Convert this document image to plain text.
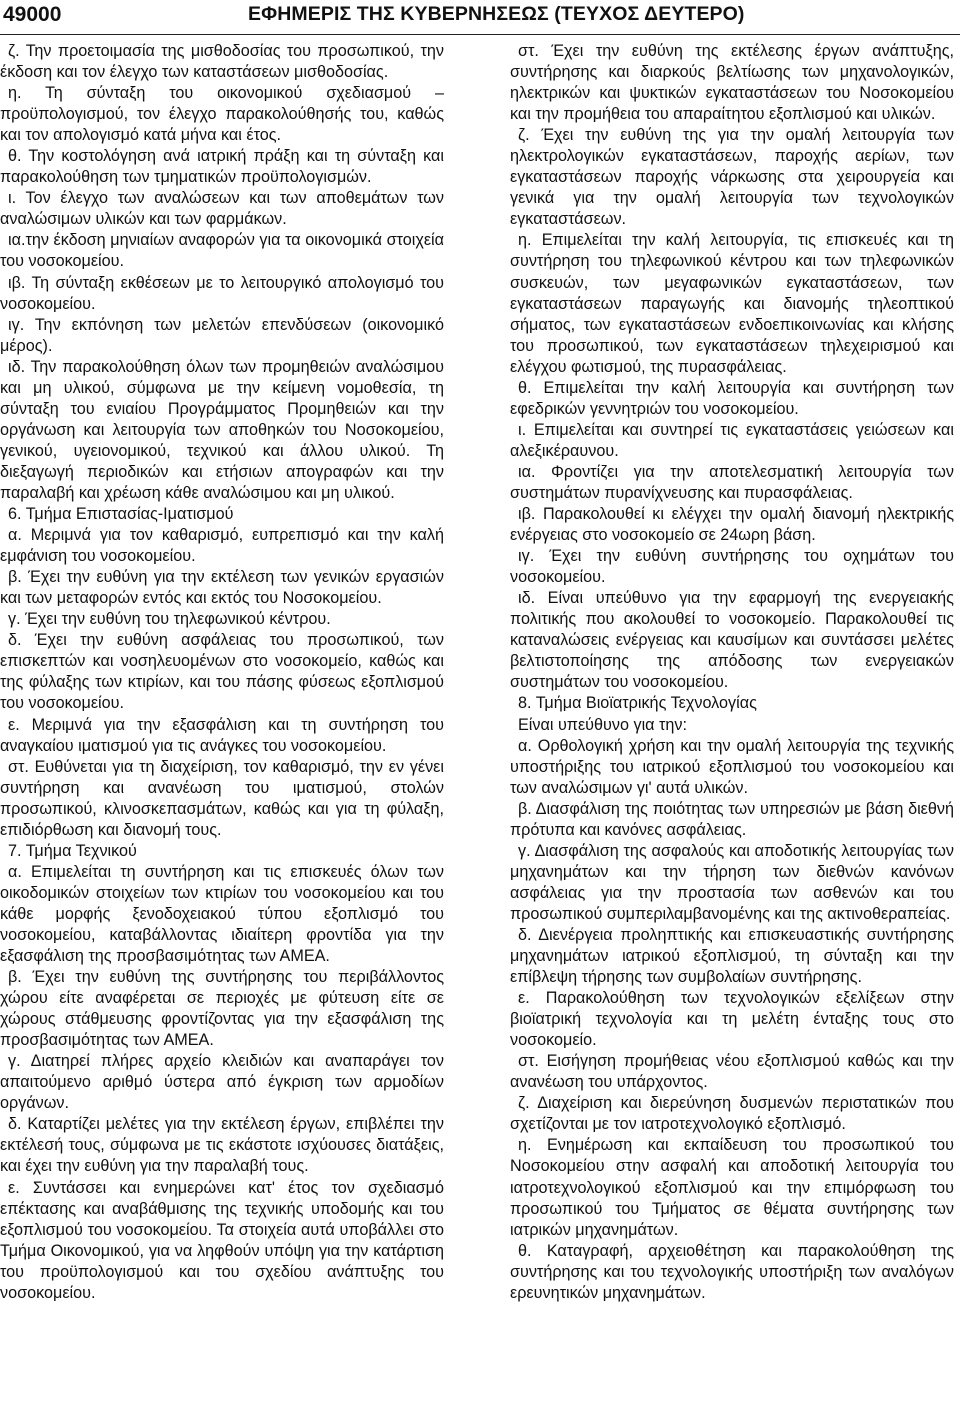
49000	ΕΦΗΜΕΡΙΣ ΤΗΣ ΚΥΒΕΡΝΗΣΕΩΣ (ΤΕΥΧΟΣ ΔΕΥΤΕΡΟ)

ζ. Την προετοιμασία της μισθοδοσίας του προσωπικού, την έκδοση και τον έλεγχο των καταστάσεων μισθοδοσίας.

η. Τη σύνταξη του οικονομικού σχεδιασμού – προϋπολογισμού, τον έλεγχο παρακολούθησής του, καθώς και τον απολογισμό κατά μήνα και έτος.

θ. Την κοστολόγηση ανά ιατρική πράξη και τη σύνταξη και παρακολούθηση των τμηματικών προϋπολογισμών.

ι. Τον έλεγχο των αναλώσεων και των αποθεμάτων των αναλώσιμων υλικών και των φαρμάκων.

ια.την έκδοση μηνιαίων αναφορών για τα οικονομικά στοιχεία του νοσοκομείου.

ιβ. Τη σύνταξη εκθέσεων με το λειτουργικό απολογισμό του νοσοκομείου.

ιγ. Την εκπόνηση των μελετών επενδύσεων (οικονομικό μέρος).

ιδ. Την παρακολούθηση όλων των προμηθειών αναλώσιμου και μη υλικού, σύμφωνα με την κείμενη νομοθεσία, τη σύνταξη του ενιαίου Προγράμματος Προμηθειών και την οργάνωση και λειτουργία των αποθηκών του Νοσοκομείου, γενικού, υγειονομικού, τεχνικού και άλλου υλικού. Τη διεξαγωγή περιοδικών και ετήσιων απογραφών και την παραλαβή και χρέωση κάθε αναλώσιμου και μη υλικού.

6. Τμήμα Επιστασίας-Ιματισμού

α. Μεριμνά για τον καθαρισμό, ευπρεπισμό και την καλή εμφάνιση του νοσοκομείου.

β. Έχει την ευθύνη για την εκτέλεση των γενικών εργασιών και των μεταφορών εντός και εκτός του Νοσοκομείου.

γ. Έχει την ευθύνη του τηλεφωνικού κέντρου.

δ. Έχει την ευθύνη ασφάλειας του προσωπικού, των επισκεπτών και νοσηλευομένων στο νοσοκομείο, καθώς και της φύλαξης των κτιρίων, και του πάσης φύσεως εξοπλισμού του νοσοκομείου.

ε. Μεριμνά για την εξασφάλιση και τη συντήρηση του αναγκαίου ιματισμού για τις ανάγκες του νοσοκομείου.

στ. Ευθύνεται για τη διαχείριση, τον καθαρισμό, την εν γένει συντήρηση και ανανέωση του ιματισμού, στολών προσωπικού, κλινοσκεπασμάτων, καθώς και για τη φύλαξη, επιδιόρθωση και διανομή τους.

7. Τμήμα Τεχνικού

α. Επιμελείται τη συντήρηση και τις επισκευές όλων των οικοδομικών στοιχείων των κτιρίων του νοσοκομείου και του κάθε μορφής ξενοδοχειακού τύπου εξοπλισμό του νοσοκομείου, καταβάλλοντας ιδιαίτερη φροντίδα για την εξασφάλιση της προσβασιμότητας των ΑΜΕΑ.

β. Έχει την ευθύνη της συντήρησης του περιβάλλοντος χώρου είτε αναφέρεται σε περιοχές με φύτευση είτε σε χώρους στάθμευσης φροντίζοντας για την εξασφάλιση της προσβασιμότητας των ΑΜΕΑ.

γ. Διατηρεί πλήρες αρχείο κλειδιών και αναπαράγει τον απαιτούμενο αριθμό ύστερα από έγκριση των αρμοδίων οργάνων.

δ. Καταρτίζει μελέτες για την εκτέλεση έργων, επιβλέπει την εκτέλεσή τους, σύμφωνα με τις εκάστοτε ισχύουσες διατάξεις, και έχει την ευθύνη για την παραλαβή τους.

ε. Συντάσσει και ενημερώνει κατ' έτος τον σχεδιασμό επέκτασης και αναβάθμισης της τεχνικής υποδομής και του εξοπλισμού του νοσοκομείου. Τα στοιχεία αυτά υποβάλλει στο Τμήμα Οικονομικού, για να ληφθούν υπόψη για την κατάρτιση του προϋπολογισμού και του σχεδίου ανάπτυξης του νοσοκομείου.

στ. Έχει την ευθύνη της εκτέλεσης έργων ανάπτυξης, συντήρησης και διαρκούς βελτίωσης των μηχανολογικών, ηλεκτρικών και ψυκτικών εγκαταστάσεων του Νοσοκομείου και την προμήθεια του απαραίτητου εξοπλισμού και υλικών.

ζ. Έχει την ευθύνη της για την ομαλή λειτουργία των ηλεκτρολογικών εγκαταστάσεων, παροχής αερίων, των εγκαταστάσεων παροχής νάρκωσης στα χειρουργεία και γενικά για την ομαλή λειτουργία των τεχνολογικών εγκαταστάσεων.

η. Επιμελείται την καλή λειτουργία, τις επισκευές και τη συντήρηση του τηλεφωνικού κέντρου και των τηλεφωνικών συσκευών, των μεγαφωνικών εγκαταστάσεων, των εγκαταστάσεων παραγωγής και διανομής τηλεοπτικού σήματος, των εγκαταστάσεων ενδοεπικοινωνίας και κλήσης του προσωπικού, των εγκαταστάσεων τηλεχειρισμού και ελέγχου φωτισμού, της πυρασφάλειας.

θ. Επιμελείται την καλή λειτουργία και συντήρηση των εφεδρικών γεννητριών του νοσοκομείου.

ι. Επιμελείται και συντηρεί τις εγκαταστάσεις γειώσεων και αλεξικέραυνου.

ια. Φροντίζει για την αποτελεσματική λειτουργία των συστημάτων πυρανίχνευσης και πυρασφάλειας.

ιβ. Παρακολουθεί κι ελέγχει την ομαλή διανομή ηλεκτρικής ενέργειας στο νοσοκομείο σε 24ωρη βάση.

ιγ. Έχει την ευθύνη συντήρησης του οχημάτων του νοσοκομείου.

ιδ. Είναι υπεύθυνο για την εφαρμογή της ενεργειακής πολιτικής που ακολουθεί το νοσοκομείο. Παρακολουθεί τις καταναλώσεις ενέργειας και καυσίμων και συντάσσει μελέτες βελτιστοποίησης της απόδοσης των ενεργειακών συστημάτων του νοσοκομείου.

8. Τμήμα Βιοϊατρικής Τεχνολογίας

Είναι υπεύθυνο για την:

α. Ορθολογική χρήση και την ομαλή λειτουργία της τεχνικής υποστήριξης του ιατρικού εξοπλισμού του νοσοκομείου και των αναλώσιμων γι' αυτά υλικών.

β. Διασφάλιση της ποιότητας των υπηρεσιών με βάση διεθνή πρότυπα και κανόνες ασφάλειας.

γ. Διασφάλιση της ασφαλούς και αποδοτικής λειτουργίας των μηχανημάτων και την τήρηση των διεθνών κανόνων ασφάλειας για την προστασία των ασθενών και του προσωπικού συμπεριλαμβανομένης και της ακτινοθεραπείας.

δ. Διενέργεια προληπτικής και επισκευαστικής συντήρησης μηχανημάτων ιατρικού εξοπλισμού, τη σύνταξη και την επίβλεψη τήρησης των συμβολαίων συντήρησης.

ε. Παρακολούθηση των τεχνολογικών εξελίξεων στην βιοϊατρική τεχνολογία και τη μελέτη ένταξης τους στο νοσοκομείο.

στ. Εισήγηση προμήθειας νέου εξοπλισμού καθώς και την ανανέωση του υπάρχοντος.

ζ. Διαχείριση και διερεύνηση δυσμενών περιστατικών που σχετίζονται με τον ιατροτεχνολογικό εξοπλισμό.

η. Ενημέρωση και εκπαίδευση του προσωπικού του Νοσοκομείου στην ασφαλή και αποδοτική λειτουργία του ιατροτεχνολογικού εξοπλισμού και την επιμόρφωση του προσωπικού του Τμήματος σε θέματα συντήρησης των ιατρικών μηχανημάτων.

θ. Καταγραφή, αρχειοθέτηση και παρακολούθηση της συντήρησης και του τεχνολογικής υποστήριξη των αναλόγων ερευνητικών μηχανημάτων.
